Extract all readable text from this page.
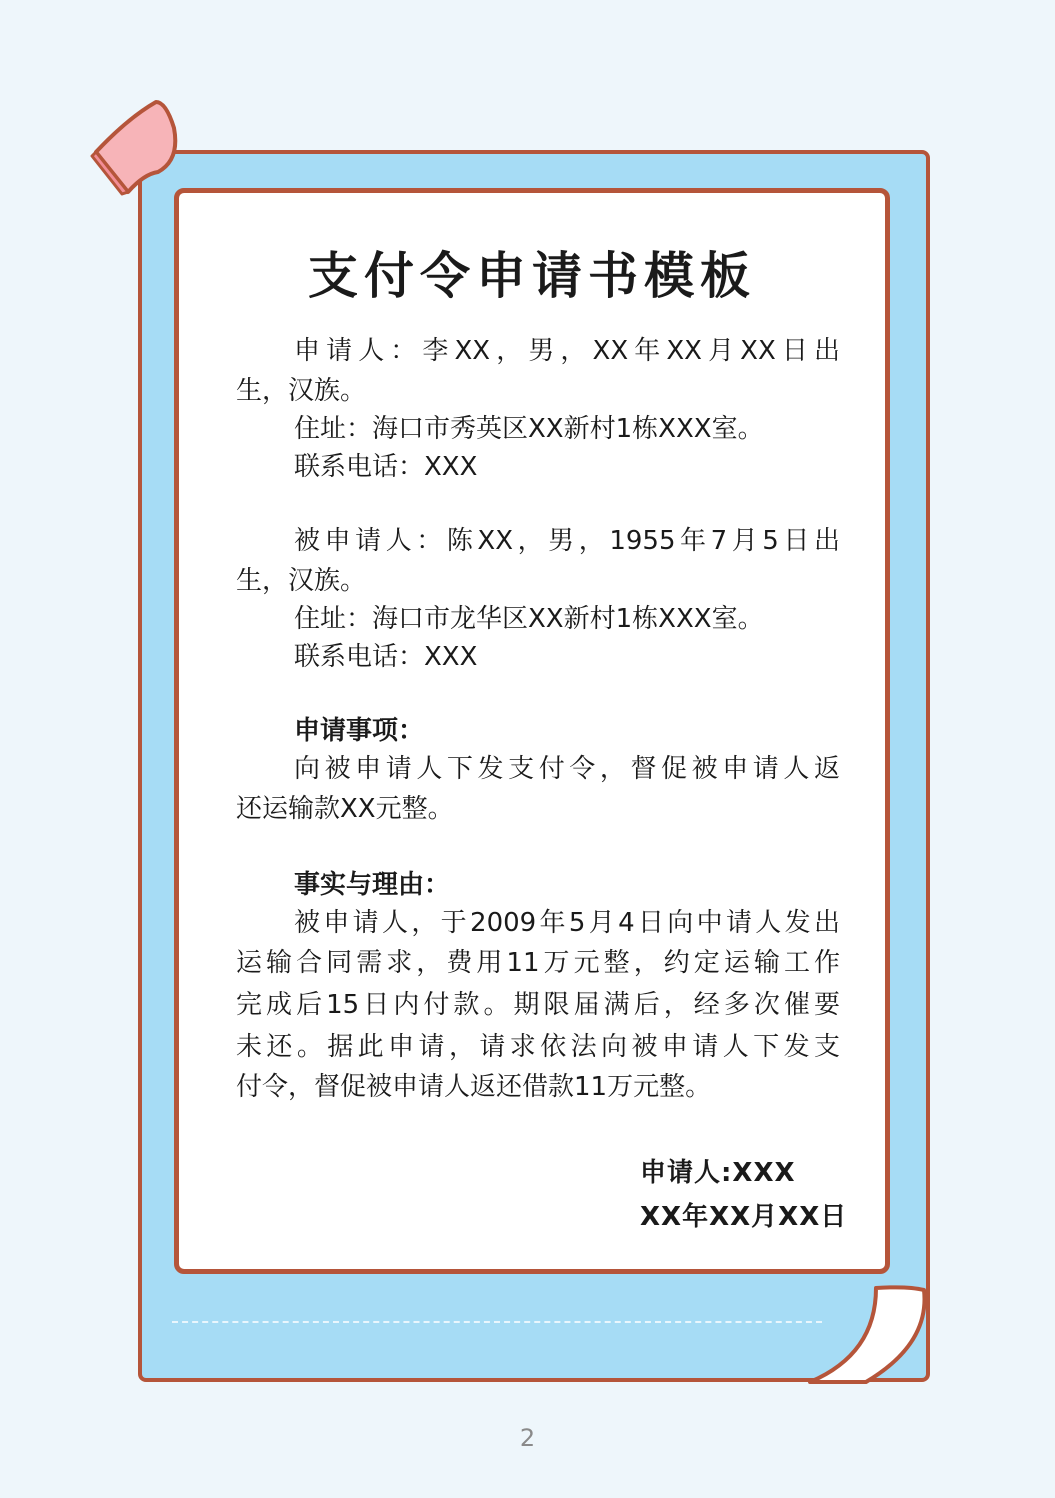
支付令申请书模板
申请人：李XX，男，XX年XX月XX日出
生，汉族。
住址：海口市秀英区XX新村1栋XXX室。
联系电话：XXX
被申请人：陈XX，男，1955年7月5日出
生，汉族。
住址：海口市龙华区XX新村1栋XXX室。
联系电话：XXX
申请事项：
向被申请人下发支付令，督促被申请人返
还运输款XX元整。
事实与理由：
被申请人，于2009年5月4日向中请人发出
运输合同需求，费用11万元整，约定运输工作
完成后15日内付款。期限届满后，经多次催要
未还。据此申请，请求依法向被申请人下发支
付令，督促被申请人返还借款11万元整。
申请人:XXX
XX年XX月XX日
2
